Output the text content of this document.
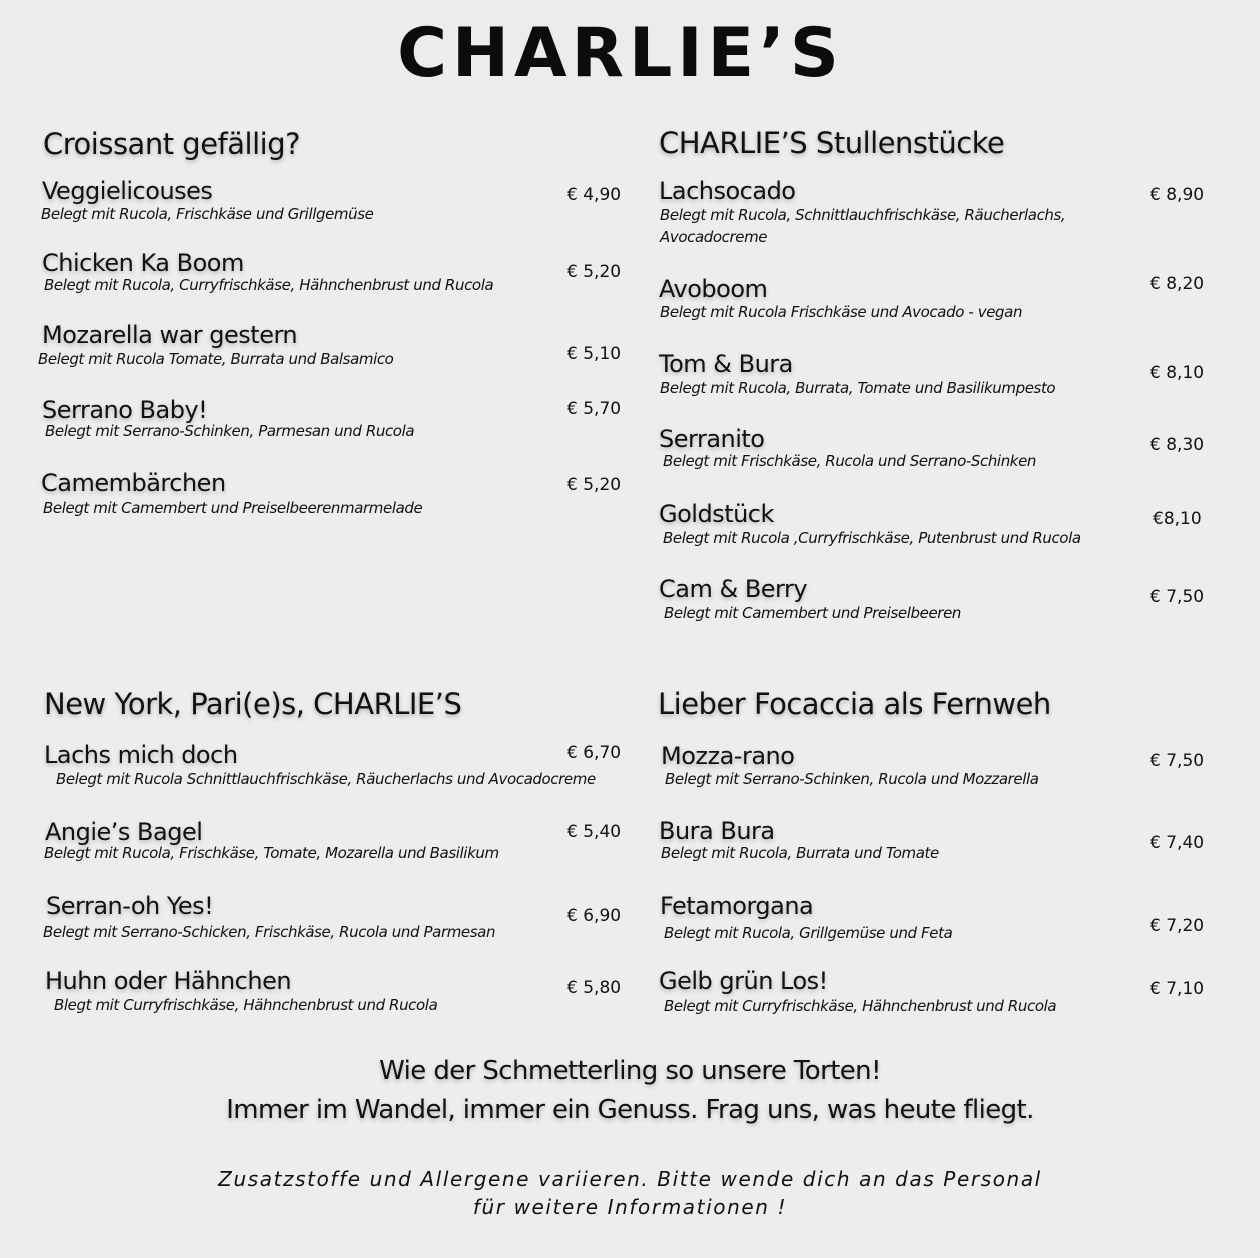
CHARLIE’S
Croissant gefällig?
Veggielicouses
Belegt mit Rucola, Frischkäse und Grillgemüse
€ 4,90
Chicken Ka Boom
Belegt mit Rucola, Curryfrischkäse, Hähnchenbrust und Rucola
€ 5,20
Mozarella war gestern
Belegt mit Rucola Tomate, Burrata und Balsamico	€ 5,10
Serrano Baby!
Belegt mit Serrano-Schinken, Parmesan und Rucola
€ 5,70
Camembärchen
Belegt mit Camembert und Preiselbeerenmarmelade
€ 5,20
CHARLIE’S Stullenstücke
Lachsocado
Belegt mit Rucola, Schnittlauchfrischkäse, Räucherlachs,
Avocadocreme
€ 8,90
Avoboom
Belegt mit Rucola Frischkäse und Avocado - vegan
€ 8,20
Tom & Bura
Belegt mit Rucola, Burrata, Tomate und Basilikumpesto
€ 8,10
Serranito
Belegt mit Frischkäse, Rucola und Serrano-Schinken
€ 8,30
Goldstück
Belegt mit Rucola ,Curryfrischkäse, Putenbrust und Rucola
€8,10
Cam & Berry
Belegt mit Camembert und Preiselbeeren
€ 7,50
New York, Pari(e)s, CHARLIE’S
Lachs mich doch
Belegt mit Rucola Schnittlauchfrischkäse, Räucherlachs und Avocadocreme
€ 6,70
Angie’s Bagel
Belegt mit Rucola, Frischkäse, Tomate, Mozarella und Basilikum
€ 5,40
Serran-oh Yes!
Belegt mit Serrano-Schicken, Frischkäse, Rucola und Parmesan
€ 6,90
Huhn oder Hähnchen
Blegt mit Curryfrischkäse, Hähnchenbrust und Rucola
€ 5,80
Lieber Focaccia als Fernweh
Mozza-rano
Belegt mit Serrano-Schinken, Rucola und Mozzarella
€ 7,50
Bura Bura
Belegt mit Rucola, Burrata und Tomate	€ 7,40
Fetamorgana
Belegt mit Rucola, Grillgemüse und Feta	€ 7,20
Gelb grün Los!
Belegt mit Curryfrischkäse, Hähnchenbrust und Rucola
€ 7,10
Wie der Schmetterling so unsere Torten!
Immer im Wandel, immer ein Genuss. Frag uns, was heute fliegt.
Zusatzstoffe und Allergene variieren. Bitte wende dich an das Personal
für weitere Informationen !
